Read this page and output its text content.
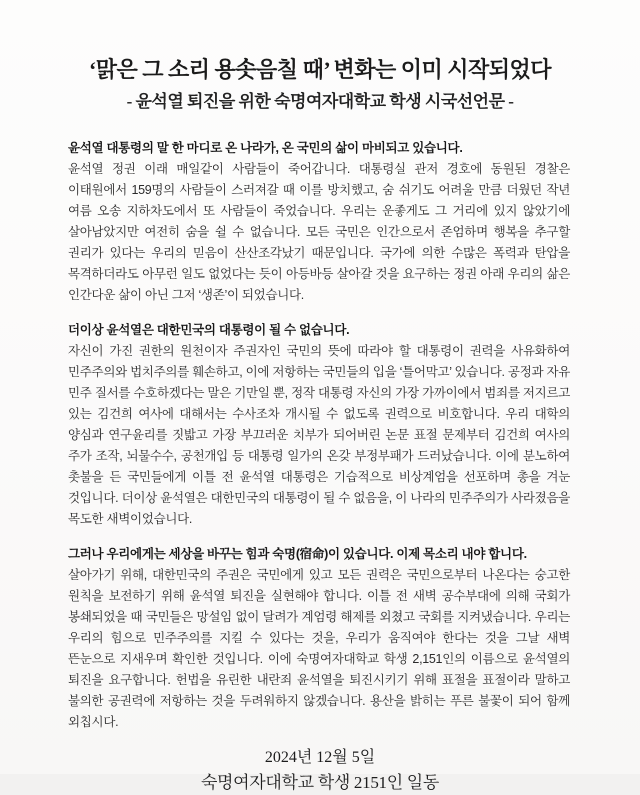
‘맑은 그 소리 용솟음칠 때’ 변화는 이미 시작되었다
- 윤석열 퇴진을 위한 숙명여자대학교 학생 시국선언문 -

윤석열 대통령의 말 한 마디로 온 나라가, 온 국민의 삶이 마비되고 있습니다.

윤석열 정권 이래 매일같이 사람들이 죽어갑니다. 대통령실 관저 경호에 동원된 경찰은 이태원에서 159명의 사람들이 스러져갈 때 이를 방치했고, 숨 쉬기도 어려울 만큼 더웠던 작년 여름 오송 지하차도에서 또 사람들이 죽었습니다. 우리는 운좋게도 그 거리에 있지 않았기에 살아남았지만 여전히 숨을 쉴 수 없습니다. 모든 국민은 인간으로서 존엄하며 행복을 추구할 권리가 있다는 우리의 믿음이 산산조각났기 때문입니다. 국가에 의한 수많은 폭력과 탄압을 목격하더라도 아무런 일도 없었다는 듯이 아등바등 살아갈 것을 요구하는 정권 아래 우리의 삶은 인간다운 삶이 아닌 그저 ‘생존’이 되었습니다.

더이상 윤석열은 대한민국의 대통령이 될 수 없습니다.

자신이 가진 권한의 원천이자 주권자인 국민의 뜻에 따라야 할 대통령이 권력을 사유화하여 민주주의와 법치주의를 훼손하고, 이에 저항하는 국민들의 입을 ‘틀어막고’ 있습니다. 공정과 자유 민주 질서를 수호하겠다는 말은 기만일 뿐, 정작 대통령 자신의 가장 가까이에서 범죄를 저지르고 있는 김건희 여사에 대해서는 수사조차 개시될 수 없도록 권력으로 비호합니다. 우리 대학의 양심과 연구윤리를 짓밟고 가장 부끄러운 치부가 되어버린 논문 표절 문제부터 김건희 여사의 주가 조작, 뇌물수수, 공천개입 등 대통령 일가의 온갖 부정부패가 드러났습니다. 이에 분노하여 촛불을 든 국민들에게 이틀 전 윤석열 대통령은 기습적으로 비상계엄을 선포하며 총을 겨눈 것입니다. 더이상 윤석열은 대한민국의 대통령이 될 수 없음을, 이 나라의 민주주의가 사라졌음을 목도한 새벽이었습니다.

그러나 우리에게는 세상을 바꾸는 힘과 숙명(宿命)이 있습니다. 이제 목소리 내야 합니다.

살아가기 위해, 대한민국의 주권은 국민에게 있고 모든 권력은 국민으로부터 나온다는 숭고한 원칙을 보전하기 위해 윤석열 퇴진을 실현해야 합니다. 이틀 전 새벽 공수부대에 의해 국회가 봉쇄되었을 때 국민들은 망설임 없이 달려가 계엄령 해제를 외쳤고 국회를 지켜냈습니다. 우리는 우리의 힘으로 민주주의를 지킬 수 있다는 것을, 우리가 움직여야 한다는 것을 그날 새벽 뜬눈으로 지새우며 확인한 것입니다. 이에 숙명여자대학교 학생 2,151인의 이름으로 윤석열의 퇴진을 요구합니다. 헌법을 유린한 내란죄 윤석열을 퇴진시키기 위해 표절을 표절이라 말하고 불의한 공권력에 저항하는 것을 두려워하지 않겠습니다. 용산을 밝히는 푸른 불꽃이 되어 함께 외칩시다.

2024년 12월 5일

숙명여자대학교 학생 2151인 일동
